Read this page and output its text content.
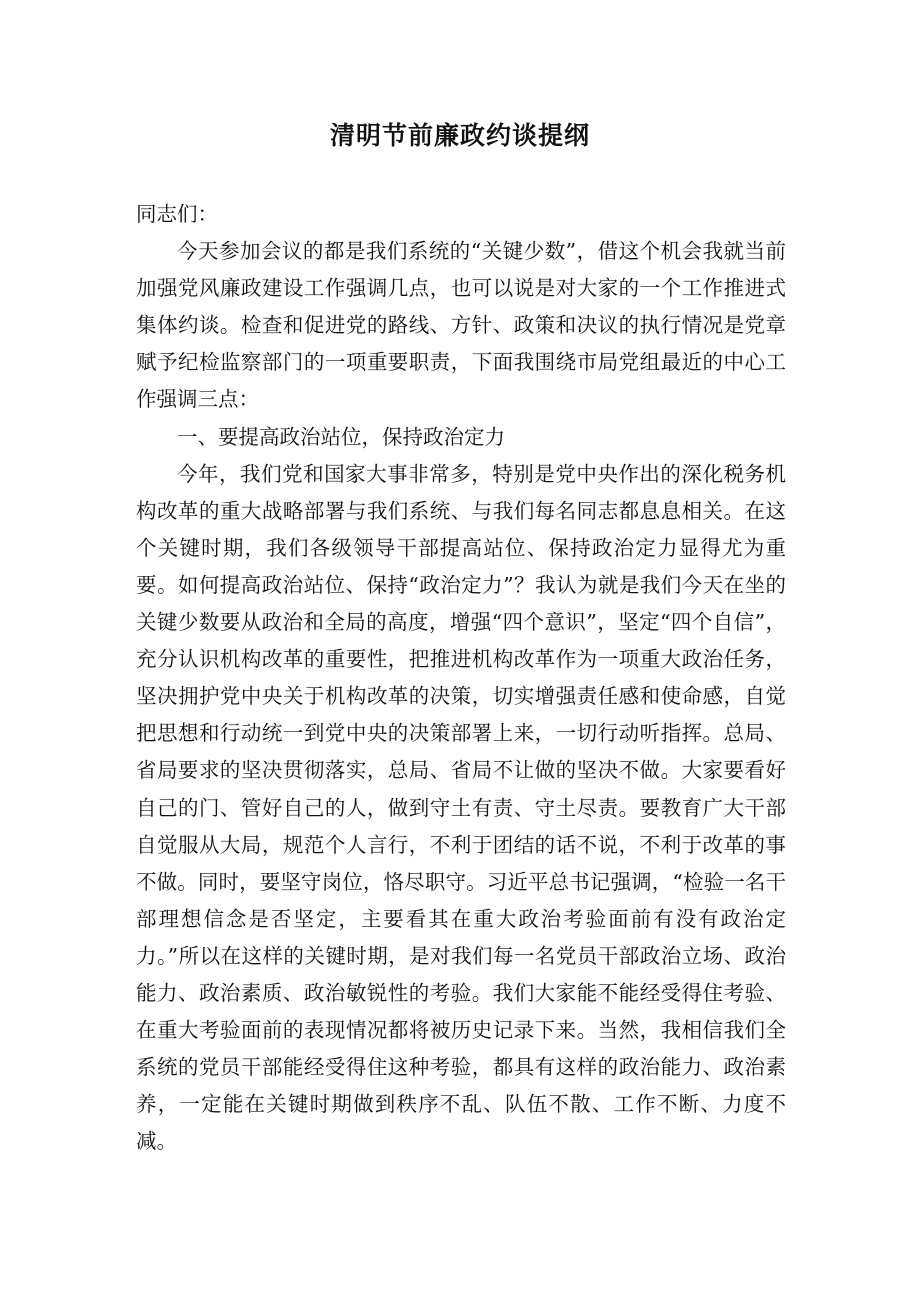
清明节前廉政约谈提纲

同志们：

今天参加会议的都是我们系统的“关键少数”，借这个机会我就当前加强党风廉政建设工作强调几点，也可以说是对大家的一个工作推进式集体约谈。检查和促进党的路线、方针、政策和决议的执行情况是党章赋予纪检监察部门的一项重要职责，下面我围绕市局党组最近的中心工作强调三点：

一、要提高政治站位，保持政治定力

今年，我们党和国家大事非常多，特别是党中央作出的深化税务机构改革的重大战略部署与我们系统、与我们每名同志都息息相关。在这个关键时期，我们各级领导干部提高站位、保持政治定力显得尤为重要。如何提高政治站位、保持“政治定力”？我认为就是我们今天在坐的关键少数要从政治和全局的高度，增强“四个意识”，坚定“四个自信”，充分认识机构改革的重要性，把推进机构改革作为一项重大政治任务，坚决拥护党中央关于机构改革的决策，切实增强责任感和使命感，自觉把思想和行动统一到党中央的决策部署上来，一切行动听指挥。总局、省局要求的坚决贯彻落实，总局、省局不让做的坚决不做。大家要看好自己的门、管好自己的人，做到守土有责、守土尽责。要教育广大干部自觉服从大局，规范个人言行，不利于团结的话不说，不利于改革的事不做。同时，要坚守岗位，恪尽职守。习近平总书记强调，“检验一名干部理想信念是否坚定，主要看其在重大政治考验面前有没有政治定力。”所以在这样的关键时期，是对我们每一名党员干部政治立场、政治能力、政治素质、政治敏锐性的考验。我们大家能不能经受得住考验、在重大考验面前的表现情况都将被历史记录下来。当然，我相信我们全系统的党员干部能经受得住这种考验，都具有这样的政治能力、政治素养，一定能在关键时期做到秩序不乱、队伍不散、工作不断、力度不减。
